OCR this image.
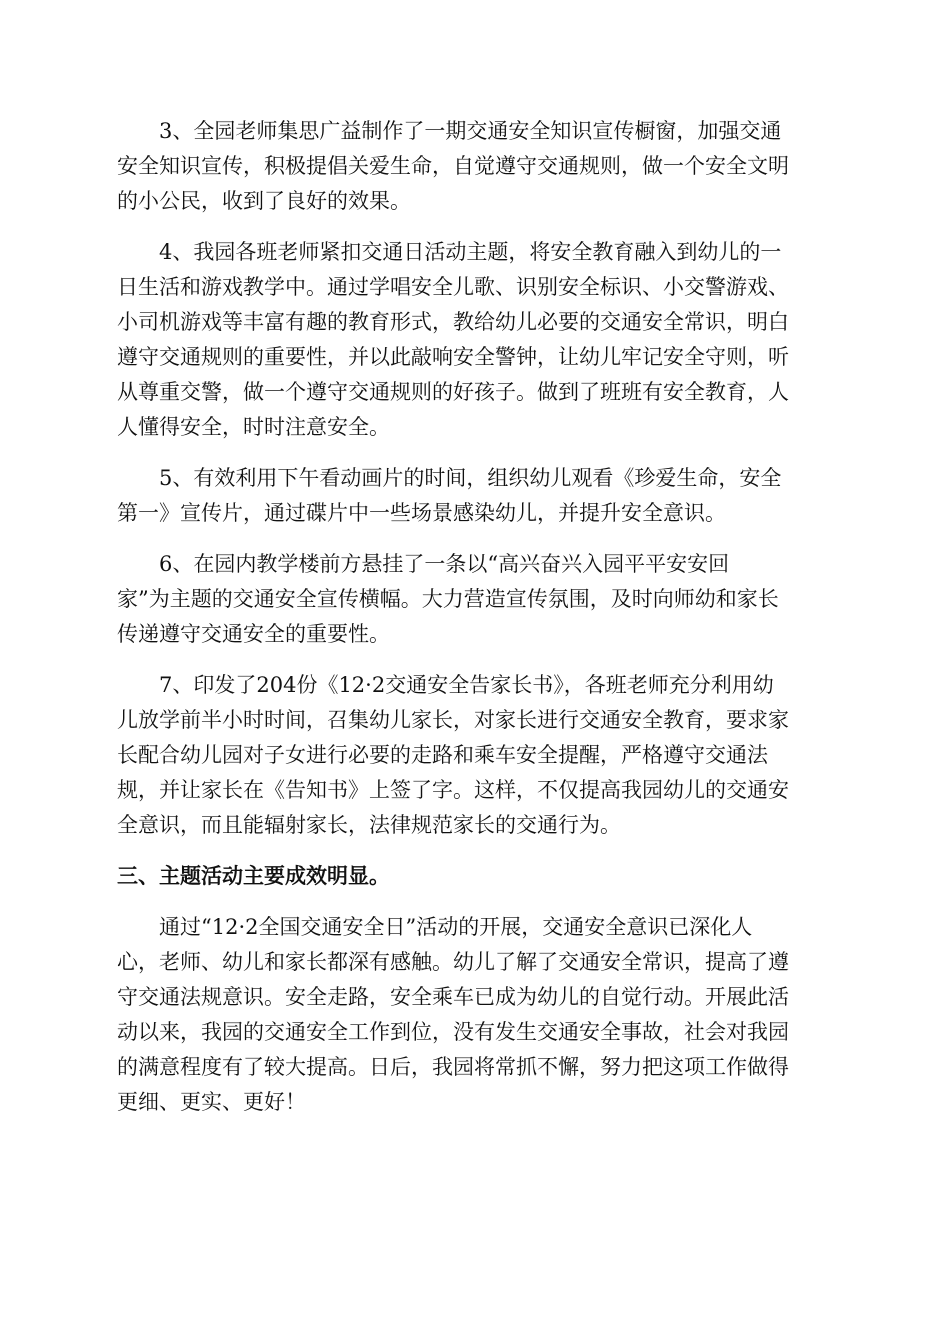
3、全园老师集思广益制作了一期交通安全知识宣传橱窗，加强交通
安全知识宣传，积极提倡关爱生命，自觉遵守交通规则，做一个安全文明
的小公民，收到了良好的效果。
4、我园各班老师紧扣交通日活动主题，将安全教育融入到幼儿的一
日生活和游戏教学中。通过学唱安全儿歌、识别安全标识、小交警游戏、
小司机游戏等丰富有趣的教育形式，教给幼儿必要的交通安全常识，明白
遵守交通规则的重要性，并以此敲响安全警钟，让幼儿牢记安全守则，听
从尊重交警，做一个遵守交通规则的好孩子。做到了班班有安全教育，人
人懂得安全，时时注意安全。
5、有效利用下午看动画片的时间，组织幼儿观看《珍爱生命，安全
第一》宣传片，通过碟片中一些场景感染幼儿，并提升安全意识。
6、在园内教学楼前方悬挂了一条以“高兴奋兴入园平平安安回
家”为主题的交通安全宣传横幅。大力营造宣传氛围，及时向师幼和家长
传递遵守交通安全的重要性。
7、印发了204份《12·2交通安全告家长书》，各班老师充分利用幼
儿放学前半小时时间，召集幼儿家长，对家长进行交通安全教育，要求家
长配合幼儿园对子女进行必要的走路和乘车安全提醒，严格遵守交通法
规，并让家长在《告知书》上签了字。这样，不仅提高我园幼儿的交通安
全意识，而且能辐射家长，法律规范家长的交通行为。
三、主题活动主要成效明显。
通过“12·2全国交通安全日”活动的开展，交通安全意识已深化人
心，老师、幼儿和家长都深有感触。幼儿了解了交通安全常识，提高了遵
守交通法规意识。安全走路，安全乘车已成为幼儿的自觉行动。开展此活
动以来，我园的交通安全工作到位，没有发生交通安全事故，社会对我园
的满意程度有了较大提高。日后，我园将常抓不懈，努力把这项工作做得
更细、更实、更好！
